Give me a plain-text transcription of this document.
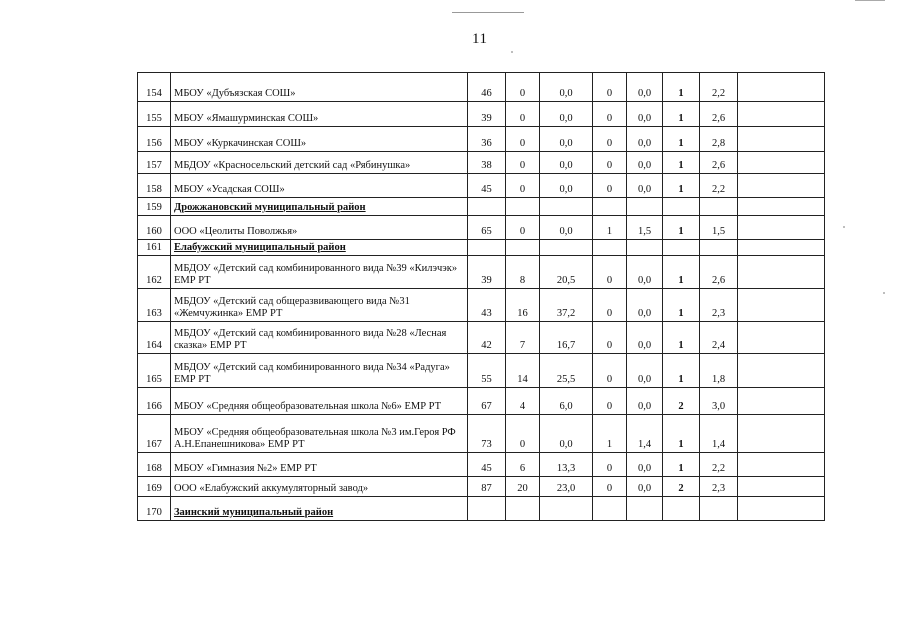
11
154	МБОУ «Дубъязская СОШ»	46	0	0,0	0	0,0	1	2,2	
155	МБОУ «Ямашурминская СОШ»	39	0	0,0	0	0,0	1	2,6	
156	МБОУ «Куркачинская СОШ»	36	0	0,0	0	0,0	1	2,8	
157	МБДОУ «Красносельский детский сад «Рябинушка»	38	0	0,0	0	0,0	1	2,6	
158	МБОУ «Усадская СОШ»	45	0	0,0	0	0,0	1	2,2	
159	Дрожжановский муниципальный район								
160	ООО «Цеолиты Поволжья»	65	0	0,0	1	1,5	1	1,5	
161	Елабужский муниципальный район								
162	МБДОУ «Детский сад комбинированного вида №39 «Килэчэк» ЕМР РТ	39	8	20,5	0	0,0	1	2,6	
163	МБДОУ «Детский сад общеразвивающего вида №31 «Жемчужинка» ЕМР РТ	43	16	37,2	0	0,0	1	2,3	
164	МБДОУ «Детский сад комбинированного вида №28 «Лесная сказка» ЕМР РТ	42	7	16,7	0	0,0	1	2,4	
165	МБДОУ «Детский сад комбинированного вида №34 «Радуга» ЕМР РТ	55	14	25,5	0	0,0	1	1,8	
166	МБОУ «Средняя общеобразовательная школа №6» ЕМР РТ	67	4	6,0	0	0,0	2	3,0	
167	МБОУ «Средняя общеобразовательная школа №3 им.Героя РФ А.Н.Епанешникова» ЕМР РТ	73	0	0,0	1	1,4	1	1,4	
168	МБОУ «Гимназия №2» ЕМР РТ	45	6	13,3	0	0,0	1	2,2	
169	ООО «Елабужский аккумуляторный завод»	87	20	23,0	0	0,0	2	2,3	
170	Заинский муниципальный район								
